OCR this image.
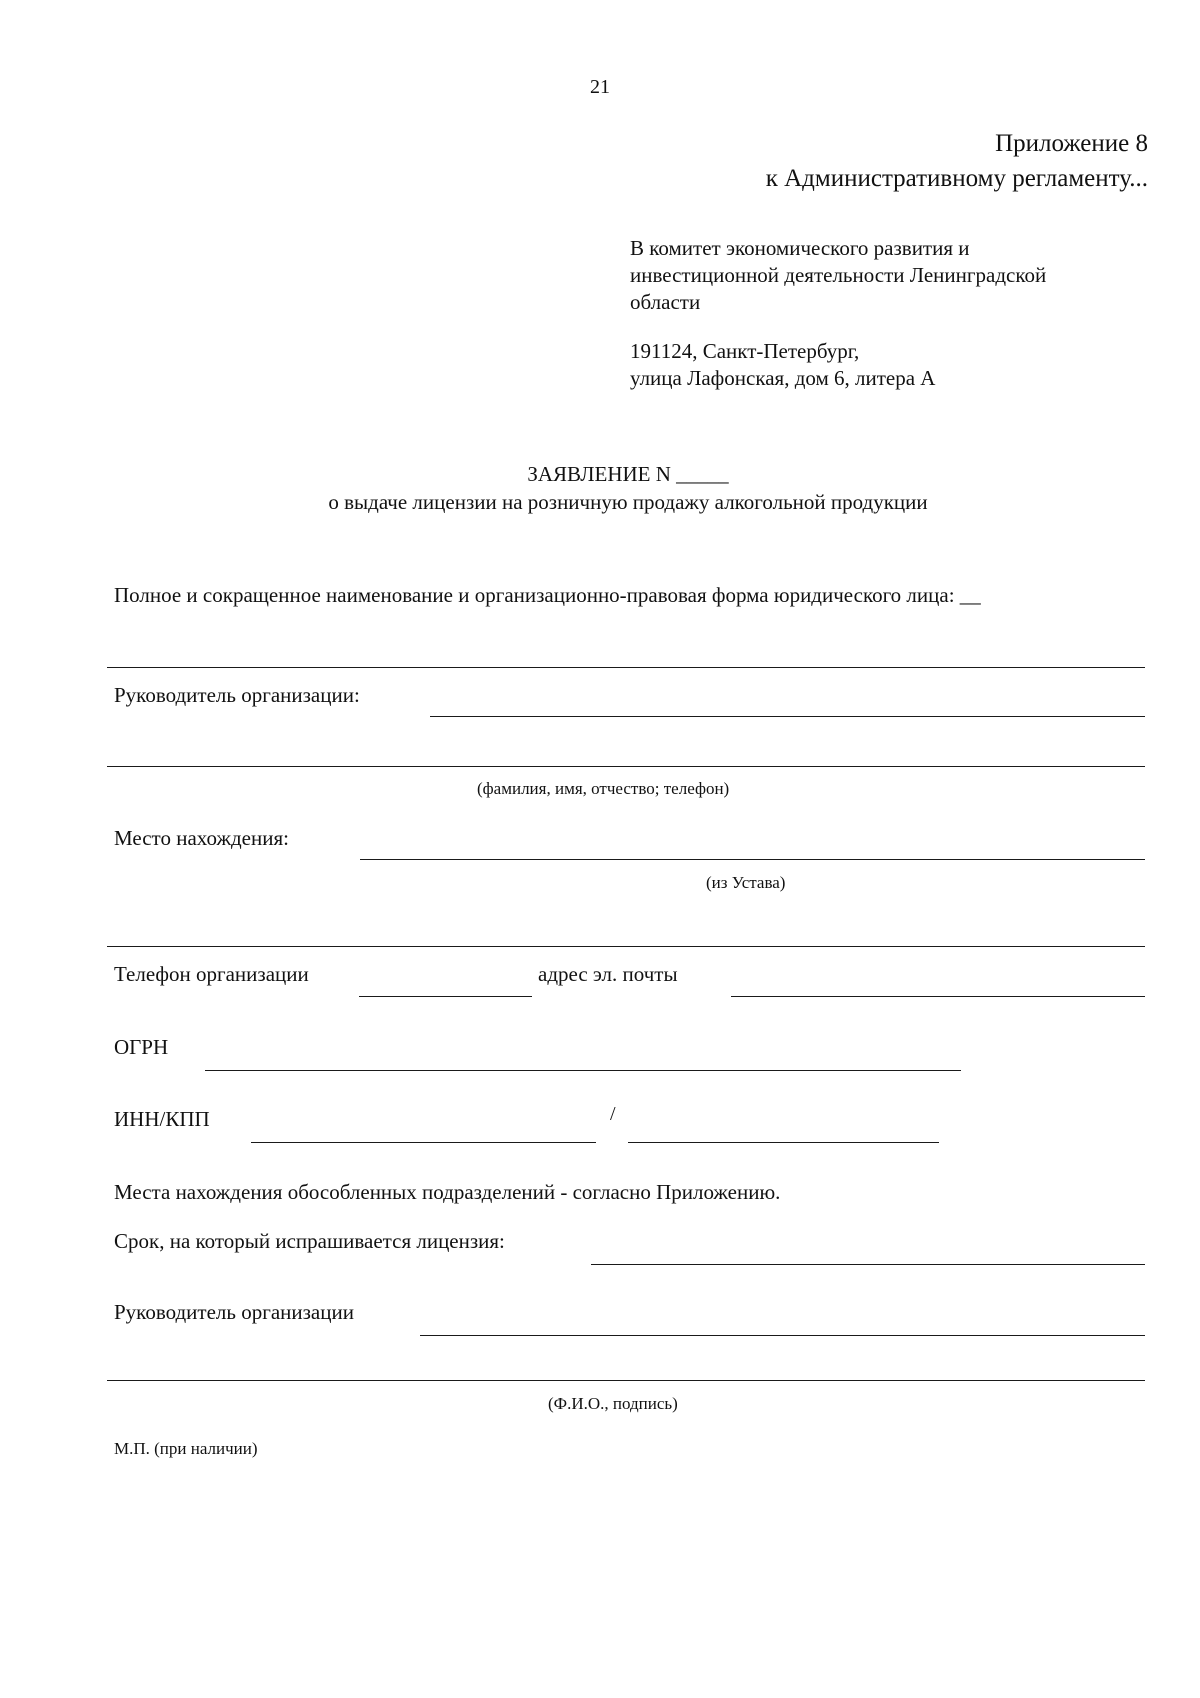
21
Приложение 8
к Административному регламенту...
В комитет экономического развития и
инвестиционной деятельности Ленинградской
области
191124, Санкт-Петербург,
улица Лафонская, дом 6, литера А
ЗАЯВЛЕНИЕ N _____
о выдаче лицензии на розничную продажу алкогольной продукции
Полное и сокращенное наименование и организационно-правовая форма юридического лица: __
Руководитель организации:
(фамилия, имя, отчество; телефон)
Место нахождения:
(из Устава)
Телефон организации	адрес эл. почты
ОГРН
ИНН/КПП	/
Места нахождения обособленных подразделений - согласно Приложению.
Срок, на который испрашивается лицензия:
Руководитель организации
(Ф.И.О., подпись)
М.П. (при наличии)
